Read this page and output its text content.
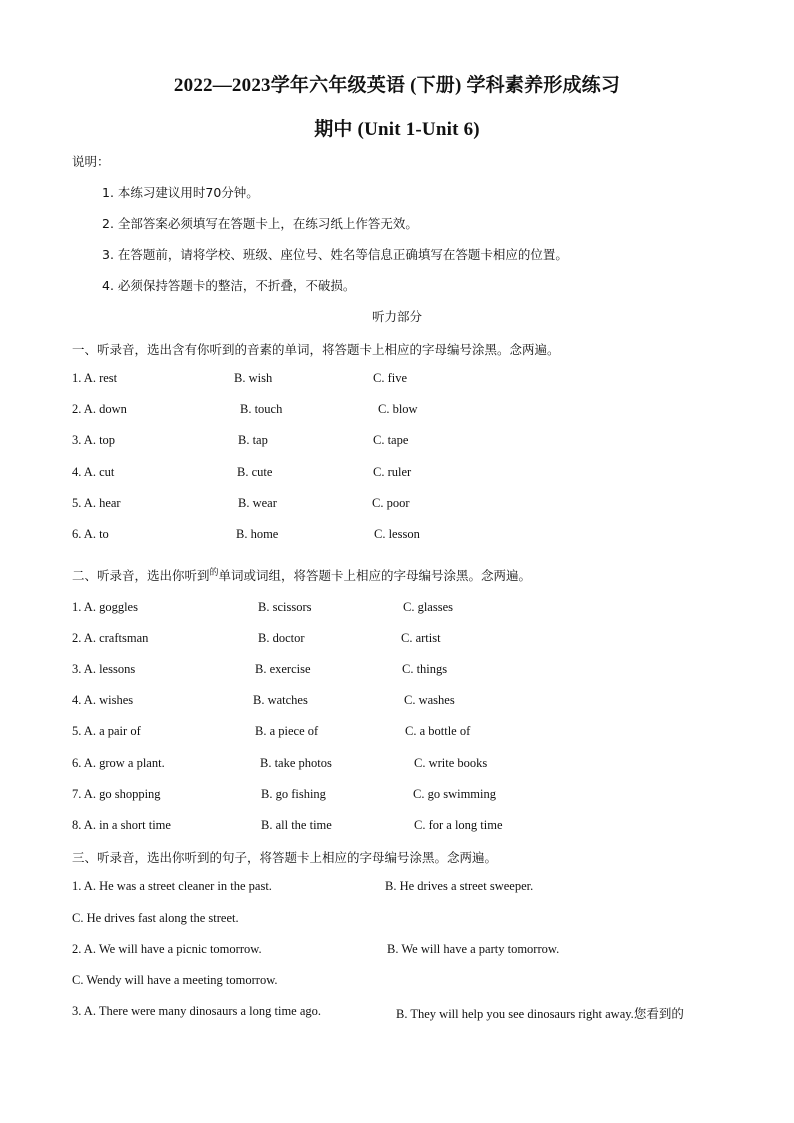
2022—2023学年六年级英语 (下册) 学科素养形成练习
期中 (Unit 1-Unit 6)
说明：
1. 本练习建议用时70分钟。
2. 全部答案必须填写在答题卡上，在练习纸上作答无效。
3. 在答题前，请将学校、班级、座位号、姓名等信息正确填写在答题卡相应的位置。
4. 必须保持答题卡的整洁，不折叠，不破损。
听力部分
一、听录音，选出含有你听到的音素的单词，将答题卡上相应的字母编号涂黑。念两遍。
1. A. rest	B. wish	C. five
2. A. down	B. touch	C. blow
3. A. top	B. tap	C. tape
4. A. cut	B. cute	C. ruler
5. A. hear	B. wear	C. poor
6. A. to	B. home	C. lesson
二、听录音，选出你听到$^的$单词或词组，将答题卡上相应的字母编号涂黑。念两遍。
1. A. goggles	B. scissors	C. glasses
2. A. craftsman	B. doctor	C. artist
3. A. lessons	B. exercise	C. things
4. A. wishes	B. watches	C. washes
5. A. a pair of	B. a piece of	C. a bottle of
6. A. grow a plant.	B. take photos	C. write books
7. A. go shopping	B. go fishing	C. go swimming
8. A. in a short time	B. all the time	C. for a long time
三、听录音，选出你听到的句子，将答题卡上相应的字母编号涂黑。念两遍。
1. A. He was a street cleaner in the past.	B. He drives a street sweeper.
C. He drives fast along the street.
2. A. We will have a picnic tomorrow.	B. We will have a party tomorrow.
C. Wendy will have a meeting tomorrow.
3. A. There were many dinosaurs a long time ago.	B. They will help you see dinosaurs right away.您看到的
